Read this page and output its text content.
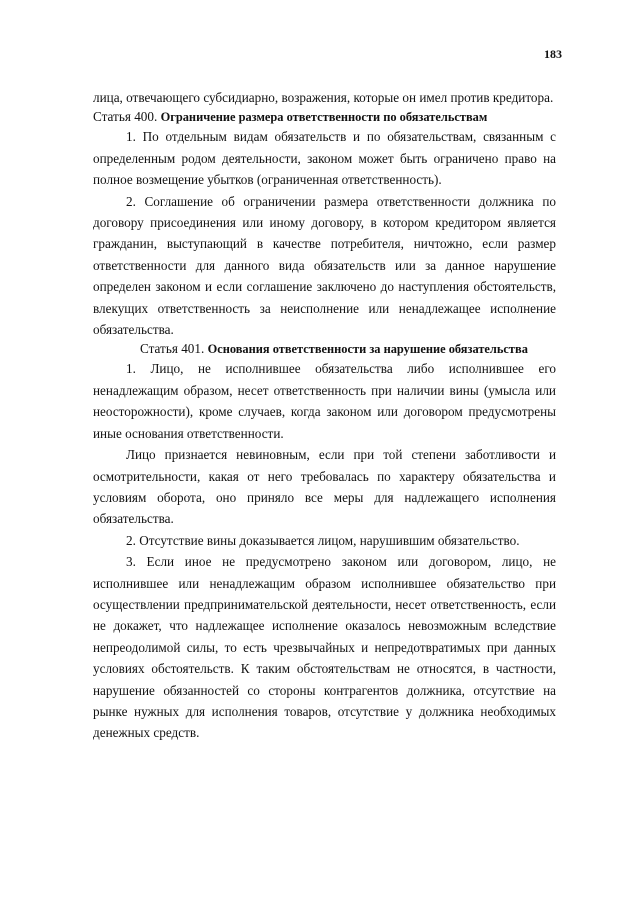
183

лица, отвечающего субсидиарно, возражения, которые он имел против кредитора.

Статья 400. Ограничение размера ответственности по обязательствам

1. По отдельным видам обязательств и по обязательствам, связанным с определенным родом деятельности, законом может быть ограничено право на полное возмещение убытков (ограниченная ответственность).

2. Соглашение об ограничении размера ответственности должника по договору присоединения или иному договору, в котором кредитором является гражданин, выступающий в качестве потребителя, ничтожно, если размер ответственности для данного вида обязательств или за данное нарушение определен законом и если соглашение заключено до наступления обстоятельств, влекущих ответственность за неисполнение или ненадлежащее исполнение обязательства.

Статья 401. Основания ответственности за нарушение обязательства

1. Лицо, не исполнившее обязательства либо исполнившее его ненадлежащим образом, несет ответственность при наличии вины (умысла или неосторожности), кроме случаев, когда законом или договором предусмотрены иные основания ответственности.

Лицо признается невиновным, если при той степени заботливости и осмотрительности, какая от него требовалась по характеру обязательства и условиям оборота, оно приняло все меры для надлежащего исполнения обязательства.

2. Отсутствие вины доказывается лицом, нарушившим обязательство.

3. Если иное не предусмотрено законом или договором, лицо, не исполнившее или ненадлежащим образом исполнившее обязательство при осуществлении предпринимательской деятельности, несет ответственность, если не докажет, что надлежащее исполнение оказалось невозможным вследствие непреодолимой силы, то есть чрезвычайных и непредотвратимых при данных условиях обстоятельств. К таким обстоятельствам не относятся, в частности, нарушение обязанностей со стороны контрагентов должника, отсутствие на рынке нужных для исполнения товаров, отсутствие у должника необходимых денежных средств.
